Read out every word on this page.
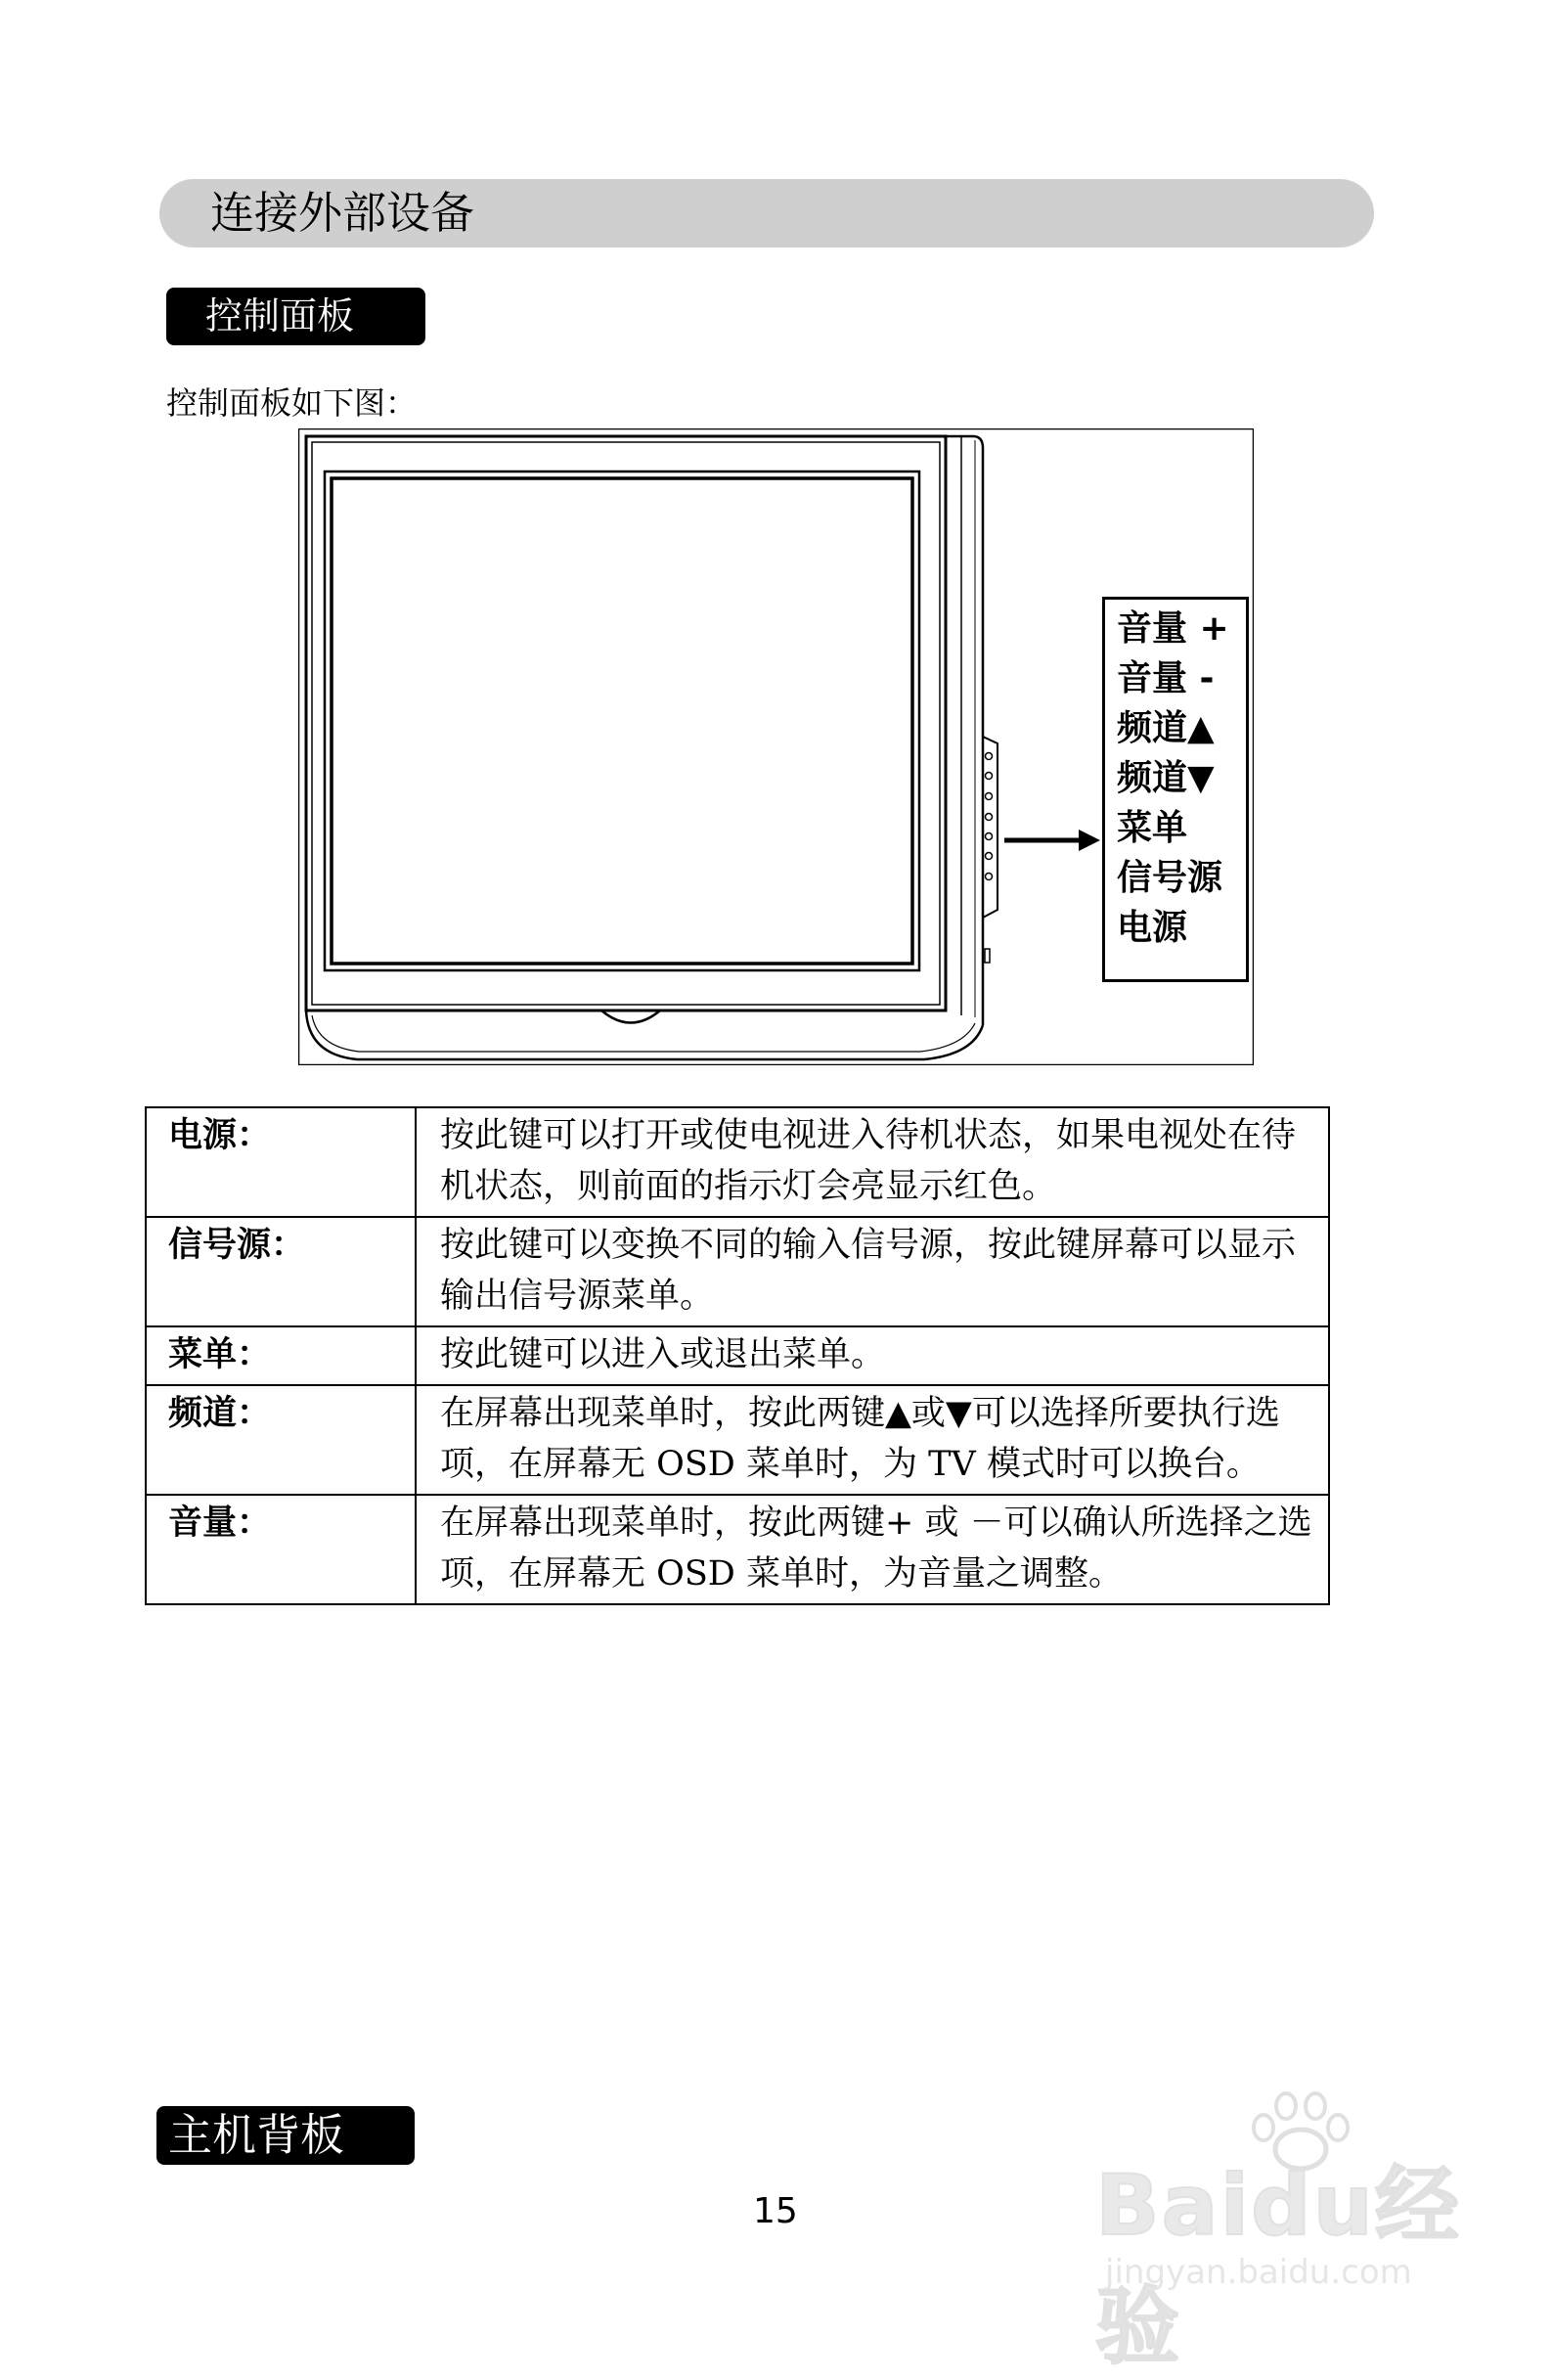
连接外部设备
控制面板
控制面板如下图：
音量 +
音量 -
频道▲
频道▼
菜单
信号源
电源
电源：	按此键可以打开或使电视进入待机状态，如果电视处在待机状态，则前面的指示灯会亮显示红色。
信号源：	按此键可以变换不同的输入信号源，按此键屏幕可以显示输出信号源菜单。
菜单：	按此键可以进入或退出菜单。
频道：	在屏幕出现菜单时，按此两键▲或▼可以选择所要执行选项，在屏幕无 OSD 菜单时，为 TV 模式时可以换台。
音量：	在屏幕出现菜单时，按此两键+ 或 －可以确认所选择之选项，在屏幕无 OSD 菜单时，为音量之调整。
主机背板
15	Baidu经验
jingyan.baidu.com
